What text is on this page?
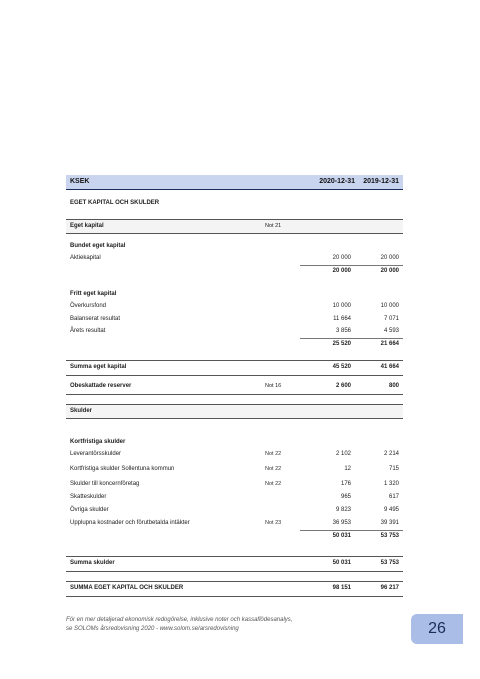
KSEK	2020-12-31 2019-12-31
EGET KAPITAL OCH SKULDER
Eget kapital	Not 21
Bundet eget kapital
Aktiekapital	20 000	20 000
20 000	20 000
Fritt eget kapital
Överkursfond	10 000	10 000
Balanserat resultat	11 664	7 071
Årets resultat	3 856	4 593
25 520	21 664
Summa eget kapital	45 520	41 664
Obeskattade reserver	Not 16	2 600	800
Skulder
Kortfristiga skulder
Leverantörsskulder	Not 22	2 102	2 214
Kortfristiga skulder Sollentuna kommun	Not 22	12	715
Skulder till koncernföretag	Not 22	176	1 320
Skatteskulder	965	617
Övriga skulder	9 823	9 495
Upplupna kostnader och förutbetalda intäkter	Not 23	36 953	39 391
50 031	53 753
Summa skulder	50 031	53 753
SUMMA EGET KAPITAL OCH SKULDER	98 151	96 217
För en mer detaljerad ekonomisk redogörelse, inklusive noter och kassaflödesanalys,
se SOLOMs årsredovisning 2020 - www.solom.se/arsredovisning	26
